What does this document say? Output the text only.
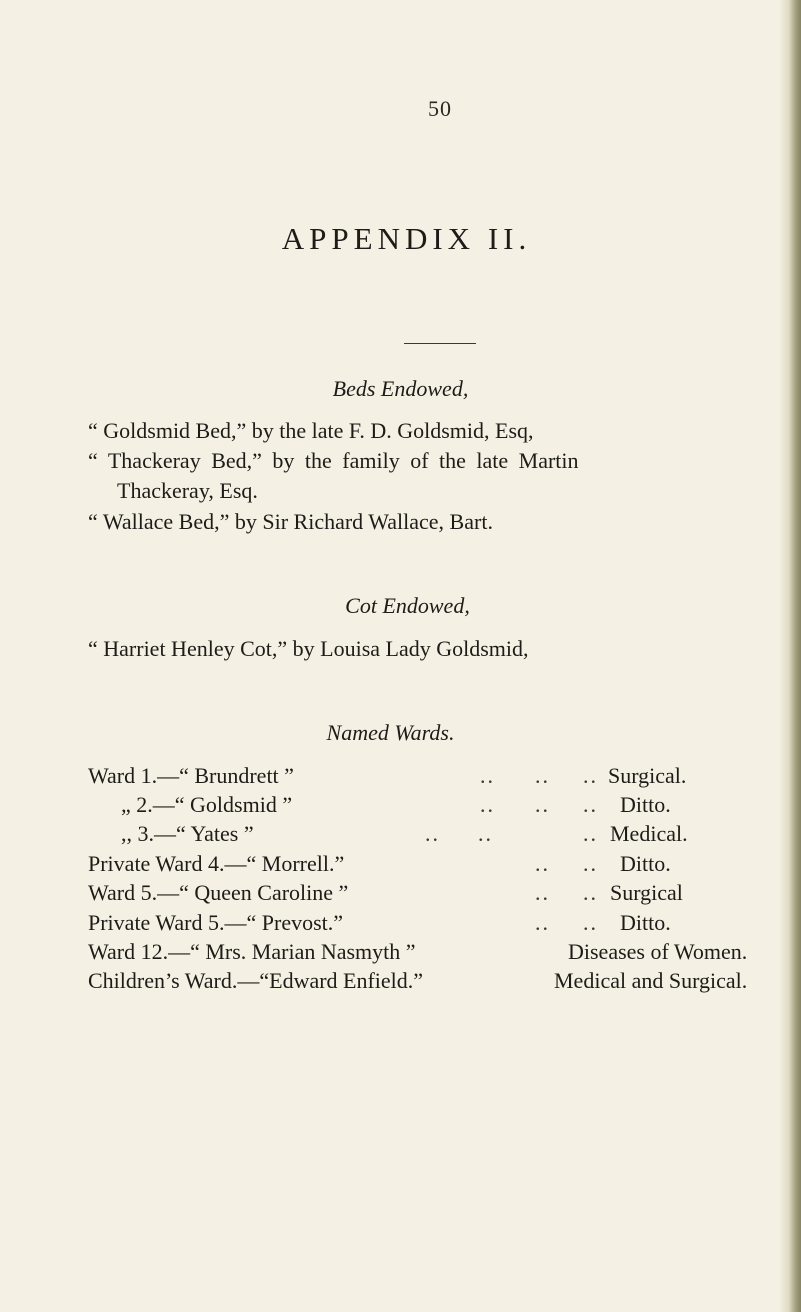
50
APPENDIX II.
Beds Endowed,
“ Goldsmid Bed,” by the late F. D. Goldsmid, Esq,
“ Thackeray Bed,” by the family of the late Martin
Thackeray, Esq.
“ Wallace Bed,” by Sir Richard Wallace, Bart.
Cot Endowed,
“ Harriet Henley Cot,” by Louisa Lady Goldsmid,
Named Wards.
Ward 1.—“ Brundrett ”	.. .. .. Surgical.
„ 2.—“ Goldsmid ”	.. .. .. Ditto.
,, 3.—“ Yates ”	.. ..	.. Medical.
Private Ward 4.—“ Morrell.”	.. .. Ditto.
Ward 5.—“ Queen Caroline ”	.. .. Surgical
Private Ward 5.—“ Prevost.”	.. .. Ditto.
Ward 12.—“ Mrs. Marian Nasmyth ”	Diseases of Women.
Children’s Ward.—“Edward Enfield.”	Medical and Surgical.
